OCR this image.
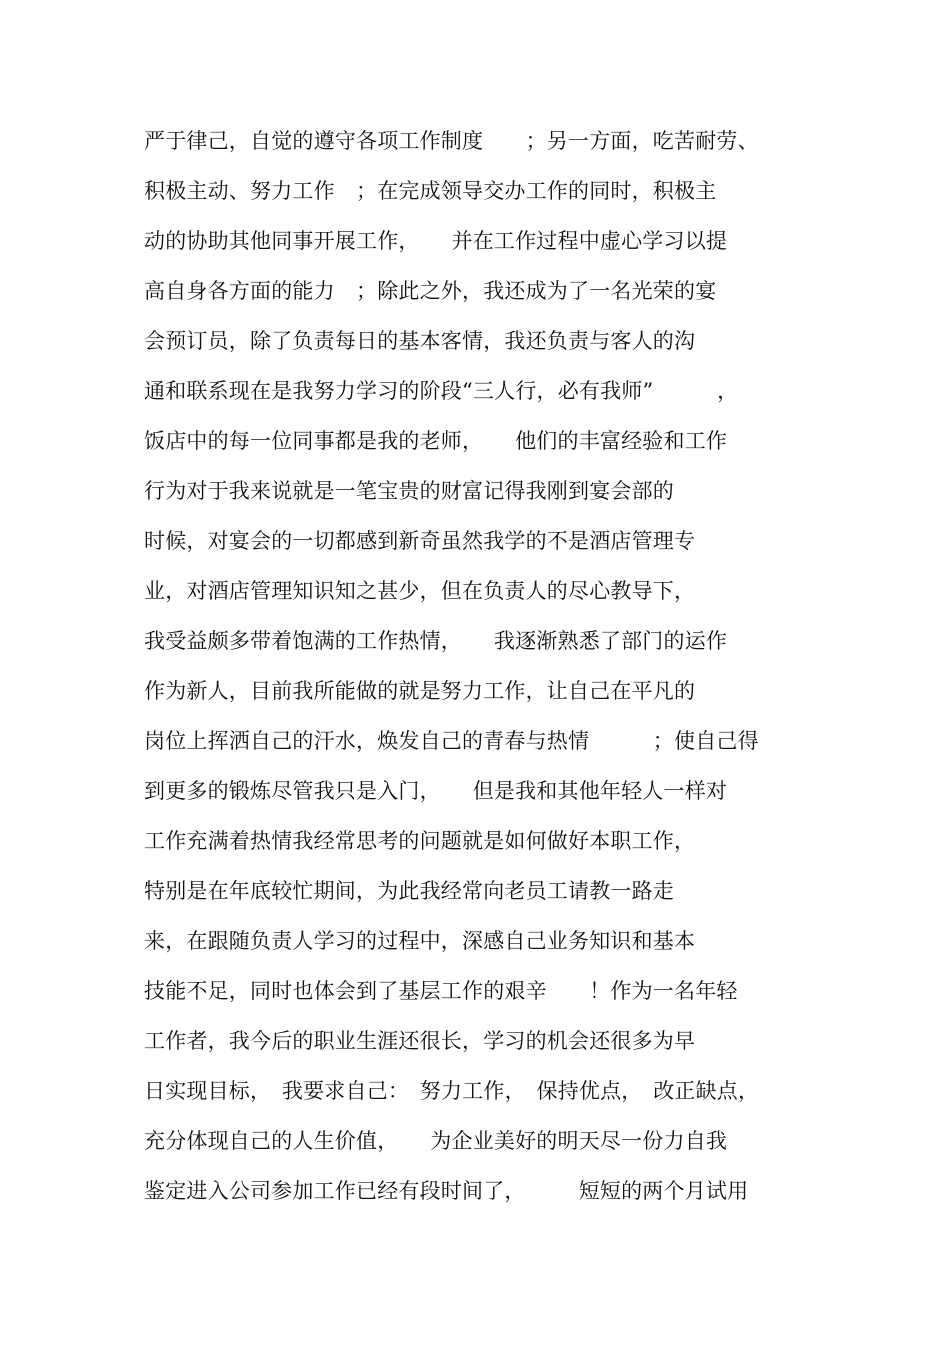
严于律己，自觉的遵守各项工作制度　　；另一方面，吃苦耐劳、
积极主动、努力工作　；在完成领导交办工作的同时，积极主
动的协助其他同事开展工作，　　并在工作过程中虚心学习以提
高自身各方面的能力　；除此之外，我还成为了一名光荣的宴
会预订员，除了负责每日的基本客情，我还负责与客人的沟
通和联系现在是我努力学习的阶段“三人行，必有我师”　　　，
饭店中的每一位同事都是我的老师，　　他们的丰富经验和工作
行为对于我来说就是一笔宝贵的财富记得我刚到宴会部的
时候，对宴会的一切都感到新奇虽然我学的不是酒店管理专
业，对酒店管理知识知之甚少，但在负责人的尽心教导下，
我受益颇多带着饱满的工作热情，　　我逐渐熟悉了部门的运作
作为新人，目前我所能做的就是努力工作，让自己在平凡的
岗位上挥洒自己的汗水，焕发自己的青春与热情　　　；使自己得
到更多的锻炼尽管我只是入门，　　但是我和其他年轻人一样对
工作充满着热情我经常思考的问题就是如何做好本职工作，
特别是在年底较忙期间，为此我经常向老员工请教一路走
来，在跟随负责人学习的过程中，深感自己业务知识和基本
技能不足，同时也体会到了基层工作的艰辛　　！作为一名年轻
工作者，我今后的职业生涯还很长，学习的机会还很多为早
日实现目标，　我要求自己：　努力工作，　保持优点，　改正缺点，
充分体现自己的人生价值，　　为企业美好的明天尽一份力自我
鉴定进入公司参加工作已经有段时间了，　　　短短的两个月试用
